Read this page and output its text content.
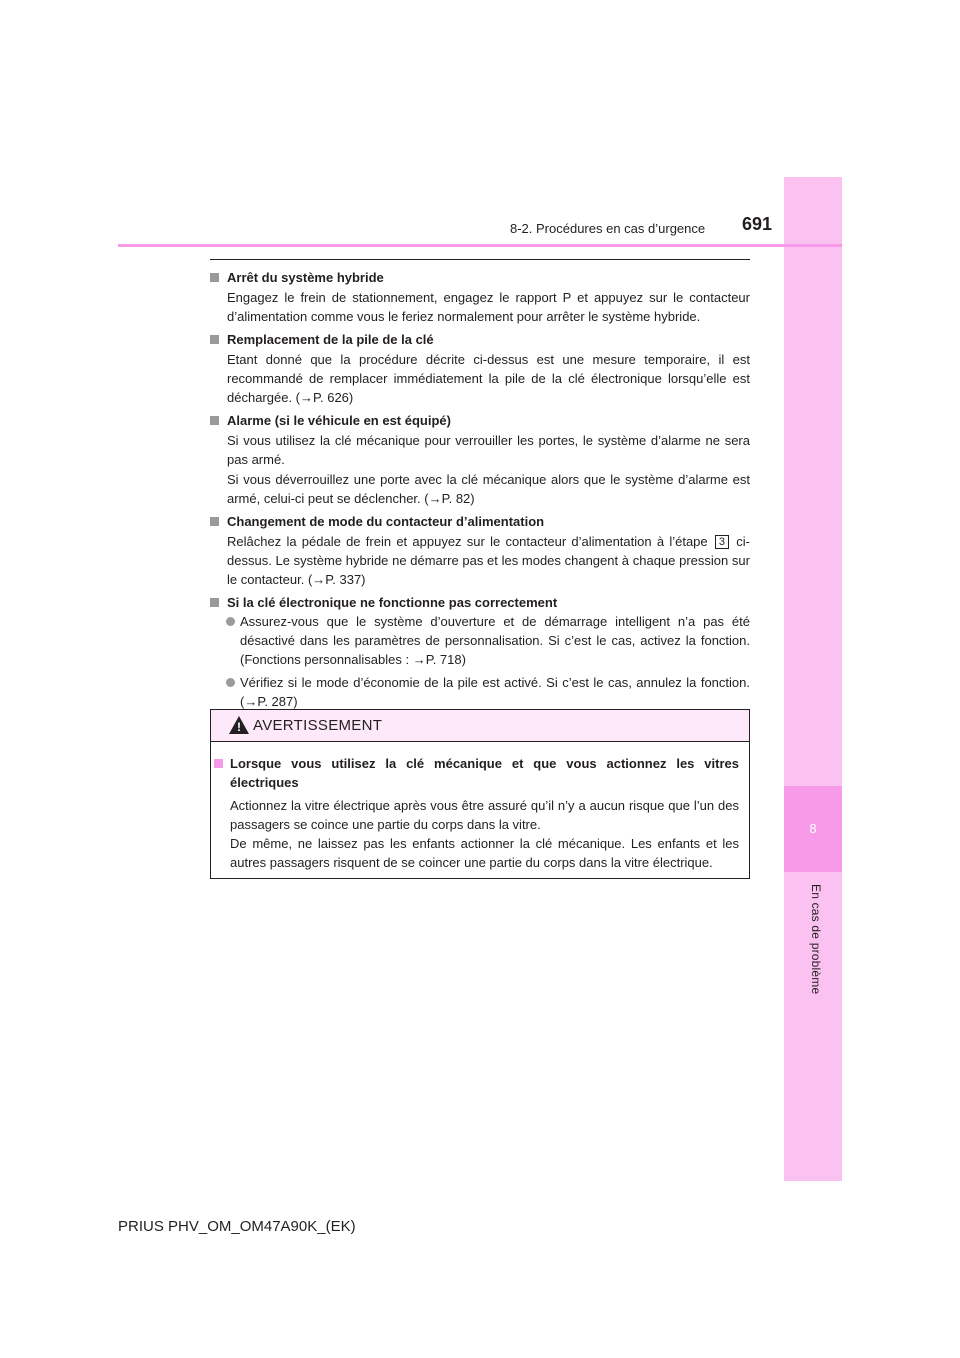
8
En cas de problème
8-2. Procédures en cas d’urgence 691
Arrêt du système hybride
Engagez le frein de stationnement, engagez le rapport P et appuyez sur le contacteur d’alimentation comme vous le feriez normalement pour arrêter le système hybride.
Remplacement de la pile de la clé
Etant donné que la procédure décrite ci-dessus est une mesure temporaire, il est recommandé de remplacer immédiatement la pile de la clé électronique lorsqu’elle est déchargée. (→P. 626)
Alarme (si le véhicule en est équipé)
Si vous utilisez la clé mécanique pour verrouiller les portes, le système d’alarme ne sera pas armé.
Si vous déverrouillez une porte avec la clé mécanique alors que le système d’alarme est armé, celui-ci peut se déclencher. (→P. 82)
Changement de mode du contacteur d’alimentation
Relâchez la pédale de frein et appuyez sur le contacteur d’alimentation à l’étape 3 ci-dessus. Le système hybride ne démarre pas et les modes changent à chaque pression sur le contacteur. (→P. 337)
Si la clé électronique ne fonctionne pas correctement
Assurez-vous que le système d’ouverture et de démarrage intelligent n’a pas été désactivé dans les paramètres de personnalisation. Si c’est le cas, activez la fonction. (Fonctions personnalisables : →P. 718)
Vérifiez si le mode d’économie de la pile est activé. Si c’est le cas, annulez la fonction. (→P. 287)
! AVERTISSEMENT
Lorsque vous utilisez la clé mécanique et que vous actionnez les vitres électriques
Actionnez la vitre électrique après vous être assuré qu’il n’y a aucun risque que l’un des passagers se coince une partie du corps dans la vitre.
De même, ne laissez pas les enfants actionner la clé mécanique. Les enfants et les autres passagers risquent de se coincer une partie du corps dans la vitre électrique.
PRIUS PHV_OM_OM47A90K_(EK)
